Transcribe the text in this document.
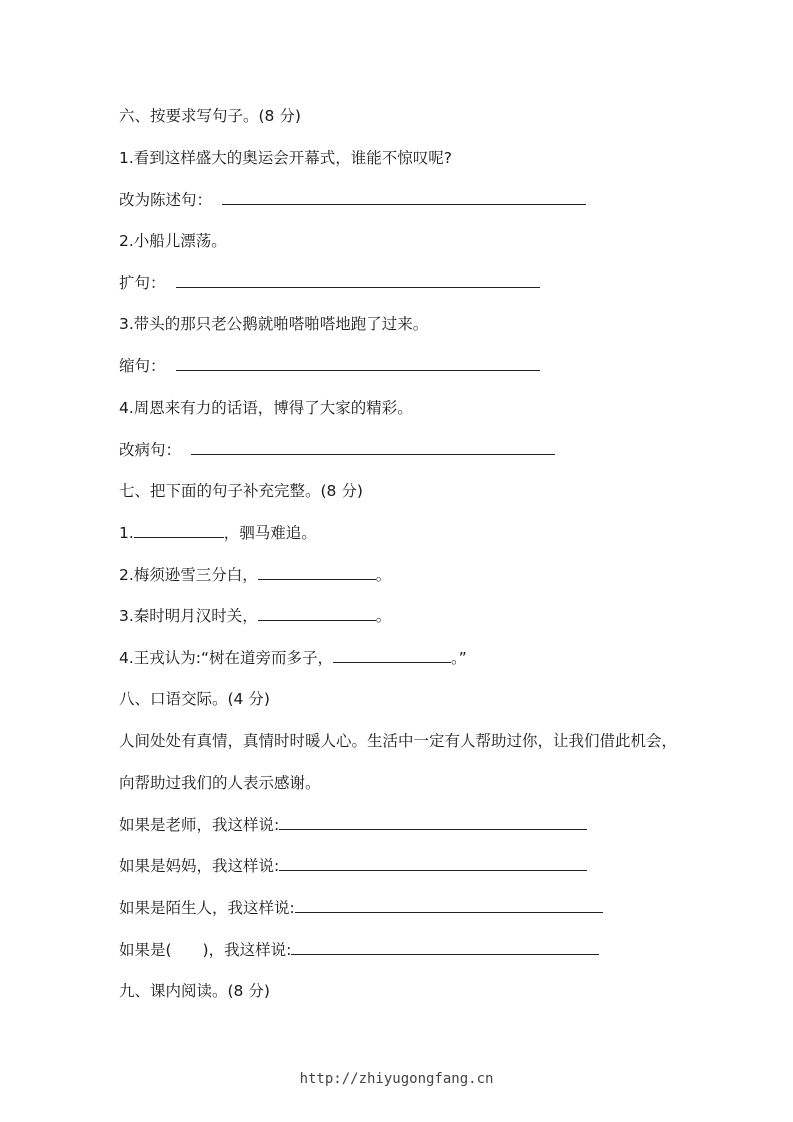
六、按要求写句子。(8 分)
1.看到这样盛大的奥运会开幕式，谁能不惊叹呢?
改为陈述句：
2.小船儿漂荡。
扩句：
3.带头的那只老公鹅就啪嗒啪嗒地跑了过来。
缩句：
4.周恩来有力的话语，博得了大家的精彩。
改病句：
七、把下面的句子补充完整。(8 分)
1.	，驷马难追。
2.梅须逊雪三分白，	。
3.秦时明月汉时关，	。
4.王戎认为:“树在道旁而多子，	。”
八、口语交际。(4 分)
人间处处有真情，真情时时暖人心。生活中一定有人帮助过你，让我们借此机会，
向帮助过我们的人表示感谢。
如果是老师，我这样说:
如果是妈妈，我这样说:
如果是陌生人，我这样说:
如果是(　　)，我这样说:
九、课内阅读。(8 分)
http://zhiyugongfang.cn
